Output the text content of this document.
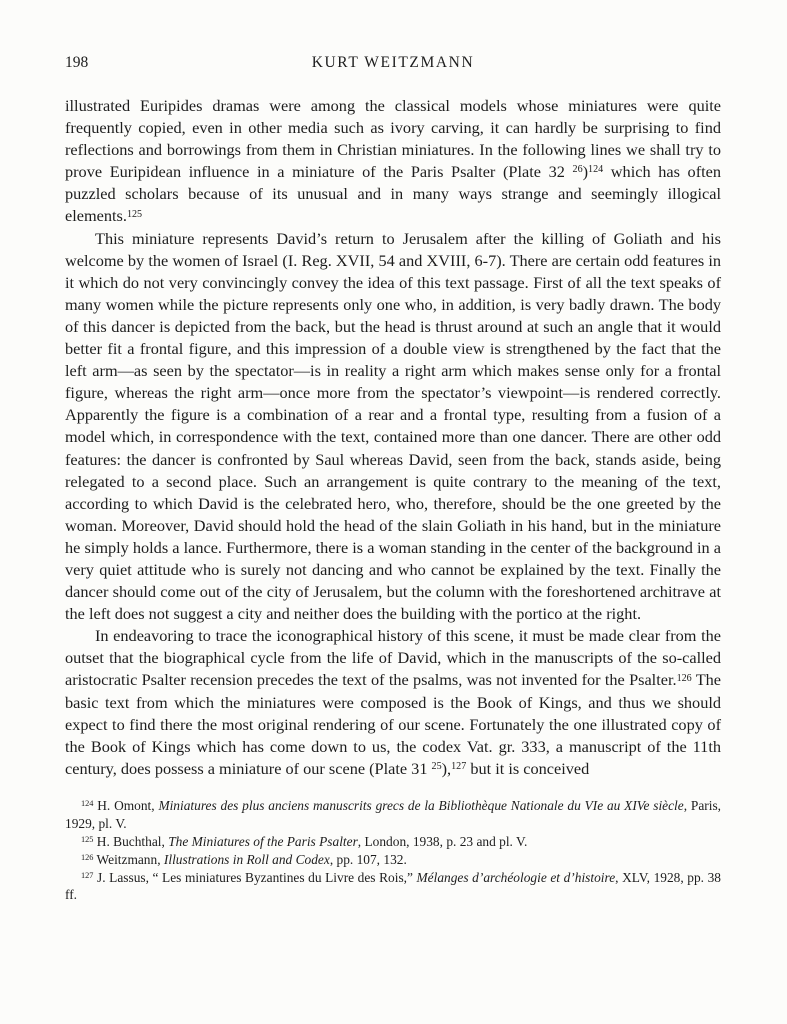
198	KURT WEITZMANN

illustrated Euripides dramas were among the classical models whose miniatures were quite frequently copied, even in other media such as ivory carving, it can hardly be surprising to find reflections and borrowings from them in Christian miniatures. In the following lines we shall try to prove Euripidean influence in a miniature of the Paris Psalter (Plate 32 $^{26}$)$^{124}$ which has often puzzled scholars because of its unusual and in many ways strange and seemingly illogical elements.$^{125}$

This miniature represents David’s return to Jerusalem after the killing of Goliath and his welcome by the women of Israel (I. Reg. XVII, 54 and XVIII, 6-7). There are certain odd features in it which do not very convincingly convey the idea of this text passage. First of all the text speaks of many women while the picture represents only one who, in addition, is very badly drawn. The body of this dancer is depicted from the back, but the head is thrust around at such an angle that it would better fit a frontal figure, and this impression of a double view is strengthened by the fact that the left arm—as seen by the spectator—is in reality a right arm which makes sense only for a frontal figure, whereas the right arm—once more from the spectator’s viewpoint—is rendered correctly. Apparently the figure is a combination of a rear and a frontal type, resulting from a fusion of a model which, in correspondence with the text, contained more than one dancer. There are other odd features: the dancer is confronted by Saul whereas David, seen from the back, stands aside, being relegated to a second place. Such an arrangement is quite contrary to the meaning of the text, according to which David is the celebrated hero, who, therefore, should be the one greeted by the woman. Moreover, David should hold the head of the slain Goliath in his hand, but in the miniature he simply holds a lance. Furthermore, there is a woman standing in the center of the background in a very quiet attitude who is surely not dancing and who cannot be explained by the text. Finally the dancer should come out of the city of Jerusalem, but the column with the foreshortened architrave at the left does not suggest a city and neither does the building with the portico at the right.

In endeavoring to trace the iconographical history of this scene, it must be made clear from the outset that the biographical cycle from the life of David, which in the manuscripts of the so-called aristocratic Psalter recension precedes the text of the psalms, was not invented for the Psalter.$^{126}$ The basic text from which the miniatures were composed is the Book of Kings, and thus we should expect to find there the most original rendering of our scene. Fortunately the one illustrated copy of the Book of Kings which has come down to us, the codex Vat. gr. 333, a manuscript of the 11th century, does possess a miniature of our scene (Plate 31 $^{25}$),$^{127}$ but it is conceived

$^{124}$ H. Omont, Miniatures des plus anciens manuscrits grecs de la Bibliothèque Nationale du VIe au XIVe siècle, Paris, 1929, pl. V.

$^{125}$ H. Buchthal, The Miniatures of the Paris Psalter, London, 1938, p. 23 and pl. V.

$^{126}$ Weitzmann, Illustrations in Roll and Codex, pp. 107, 132.

$^{127}$ J. Lassus, “ Les miniatures Byzantines du Livre des Rois,” Mélanges d’archéologie et d’histoire, XLV, 1928, pp. 38 ff.
